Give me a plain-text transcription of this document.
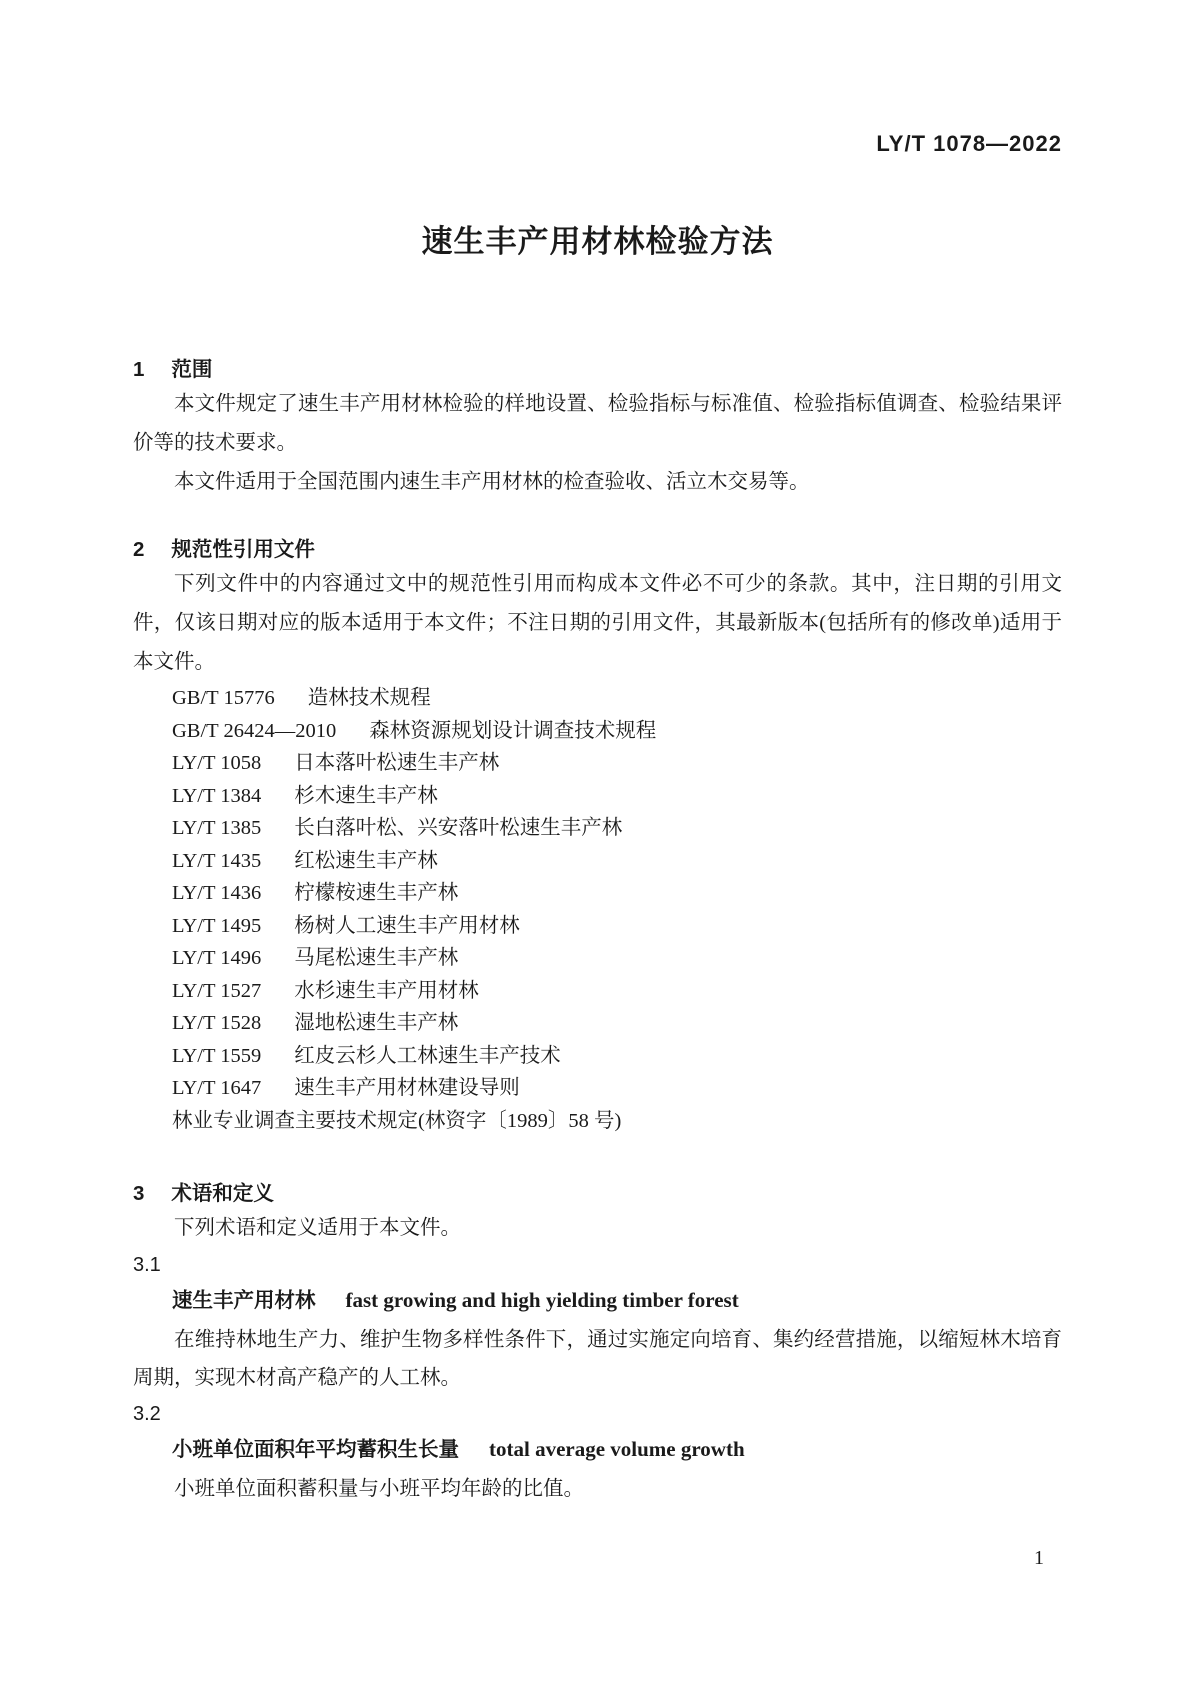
LY/T 1078—2022
速生丰产用材林检验方法
1 范围

本文件规定了速生丰产用材林检验的样地设置、检验指标与标准值、检验指标值调查、检验结果评价等的技术要求。

本文件适用于全国范围内速生丰产用材林的检查验收、活立木交易等。

2 规范性引用文件

下列文件中的内容通过文中的规范性引用而构成本文件必不可少的条款。其中，注日期的引用文件，仅该日期对应的版本适用于本文件；不注日期的引用文件，其最新版本(包括所有的修改单)适用于本文件。

GB/T 15776 造林技术规程
GB/T 26424—2010 森林资源规划设计调查技术规程
LY/T 1058 日本落叶松速生丰产林
LY/T 1384 杉木速生丰产林
LY/T 1385 长白落叶松、兴安落叶松速生丰产林
LY/T 1435 红松速生丰产林
LY/T 1436 柠檬桉速生丰产林
LY/T 1495 杨树人工速生丰产用材林
LY/T 1496 马尾松速生丰产林
LY/T 1527 水杉速生丰产用材林
LY/T 1528 湿地松速生丰产林
LY/T 1559 红皮云杉人工林速生丰产技术
LY/T 1647 速生丰产用材林建设导则
林业专业调查主要技术规定(林资字〔1989〕58 号)
3 术语和定义

下列术语和定义适用于本文件。

3.1
速生丰产用材林 fast growing and high yielding timber forest

在维持林地生产力、维护生物多样性条件下，通过实施定向培育、集约经营措施，以缩短林木培育周期，实现木材高产稳产的人工林。

3.2
小班单位面积年平均蓄积生长量 total average volume growth

小班单位面积蓄积量与小班平均年龄的比值。

1
